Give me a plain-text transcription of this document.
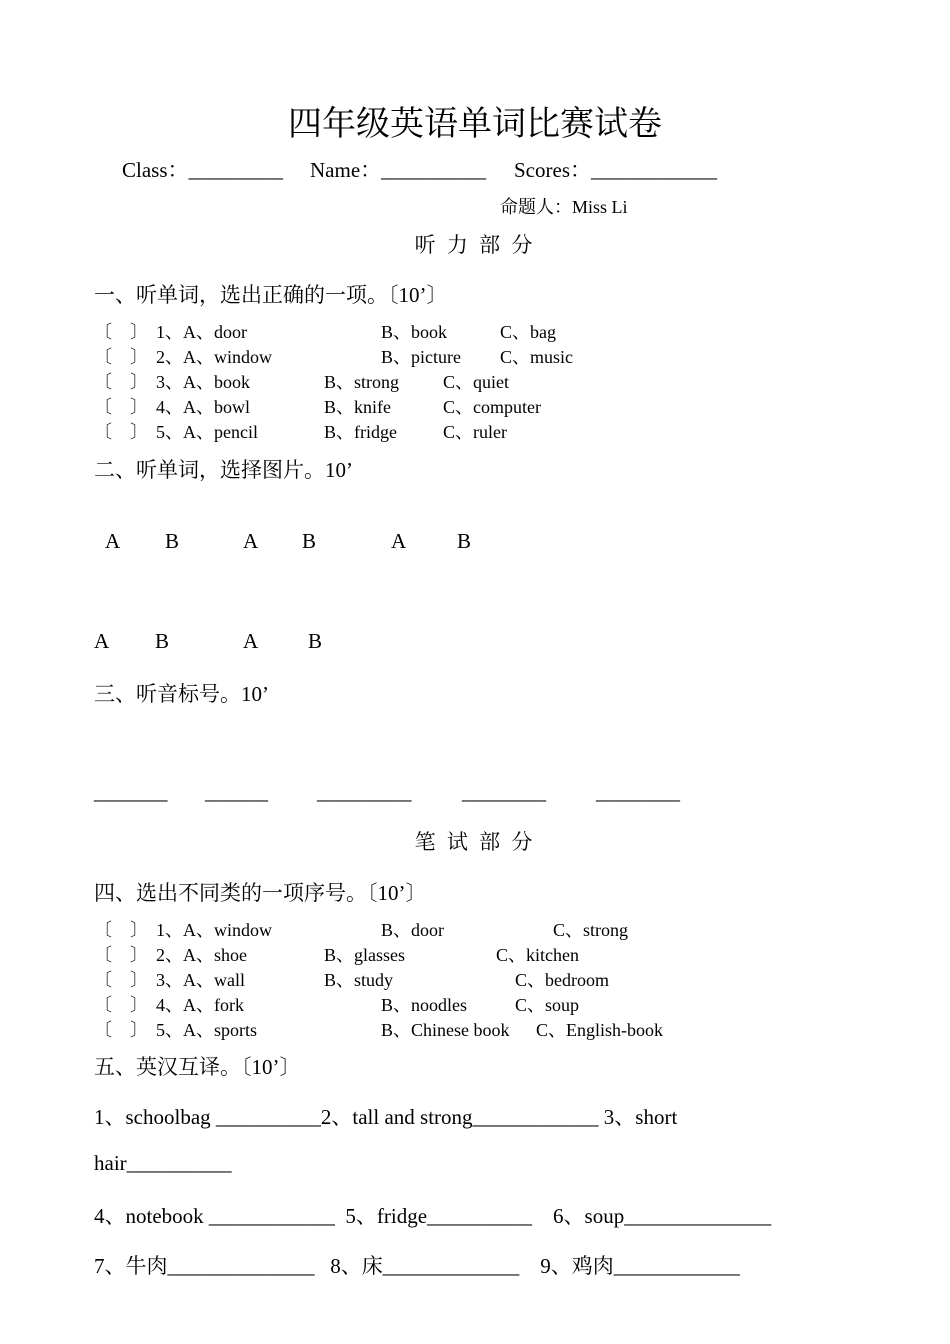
四年级英语单词比赛试卷
Class：_________ Name：__________ Scores：____________
命题人：Miss Li
听 力 部 分
一、听单词，选出正确的一项。〔10’〕
〔　〕 1、A、door	B、book	C、bag
〔　〕 2、A、window	B、picture C、music
〔　〕 3、A、book	B、strong C、quiet
〔　〕 4、A、bowl	B、knife	C、computer
〔　〕 5、A、pencil	B、fridge	C、ruler
二、听单词，选择图片。10’
A B	A B	A B
A B	A B
三、听音标号。10’
_______ ______ _________ ________ ________
笔 试 部 分
四、选出不同类的一项序号。〔10’〕
〔　〕 1、A、window	B、door	C、strong
〔　〕 2、A、shoe	B、glasses	C、kitchen
〔　〕 3、A、wall	B、study	C、bedroom
〔　〕 4、A、fork	B、noodles	C、soup
〔　〕 5、A、sports	B、Chinese book C、English-book
五、英汉互译。〔10’〕
1、schoolbag __________2、tall and strong____________ 3、short
hair__________
4、notebook ____________  5、fridge__________    6、soup______________
7、牛肉______________   8、床_____________    9、鸡肉____________
